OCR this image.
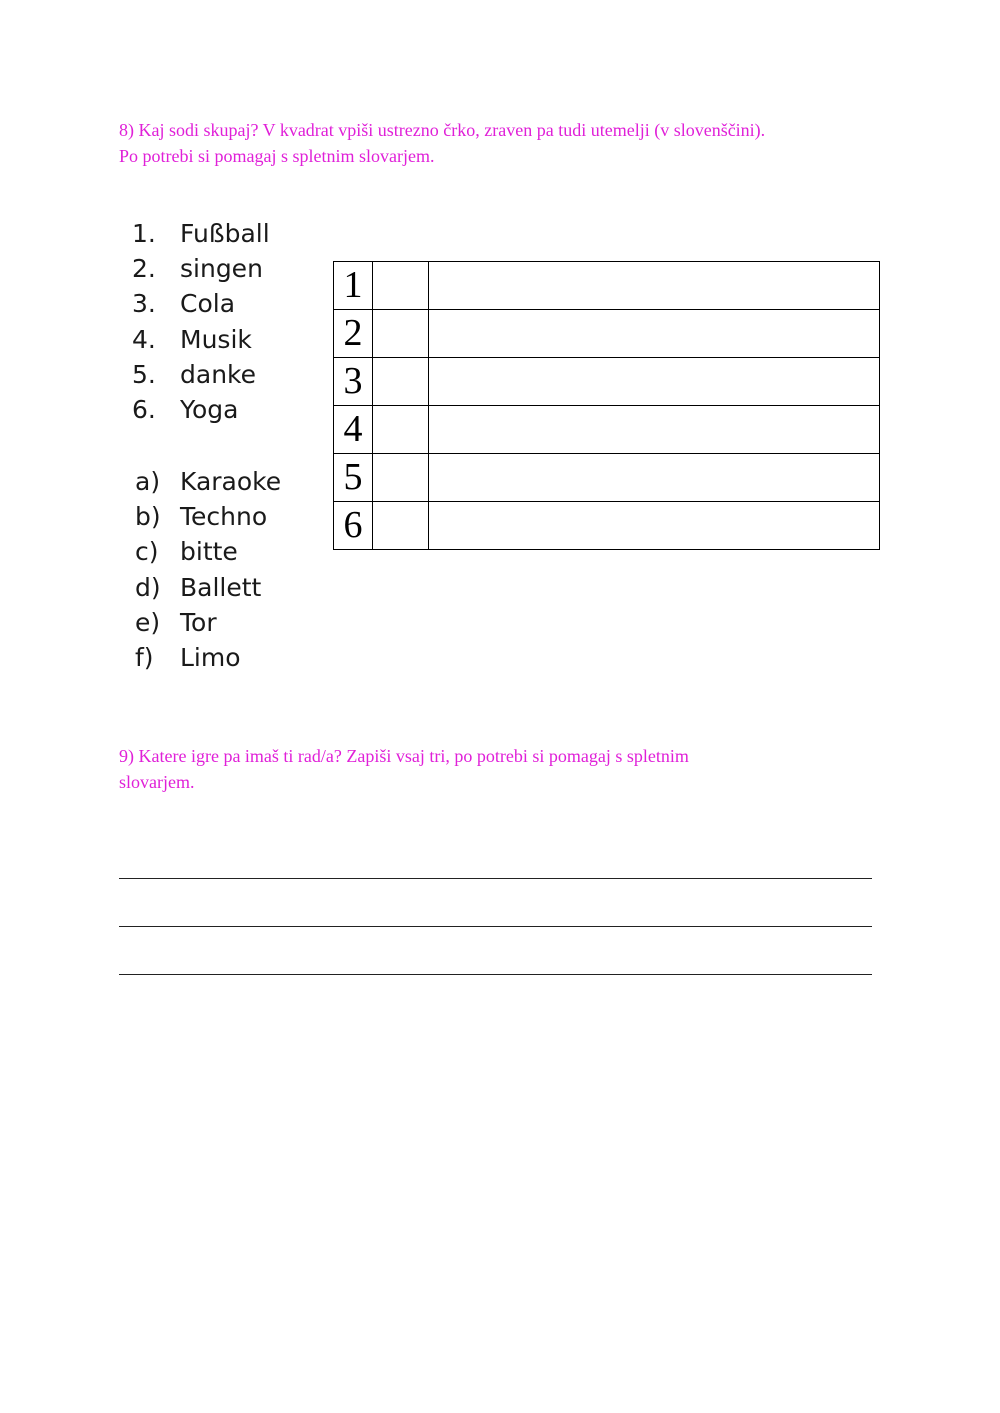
8) Kaj sodi skupaj? V kvadrat vpiši ustrezno črko, zraven pa tudi utemelji (v slovenščini).
Po potrebi si pomagaj s spletnim slovarjem.

1. Fußball
2. singen
3. Cola
4. Musik
5. danke
6. Yoga
a) Karaoke
b) Techno
c) bitte
d) Ballett
e) Tor
f) Limo
1		
2		
3		
4		
5		
6		

9) Katere igre pa imaš ti rad/a? Zapiši vsaj tri, po potrebi si pomagaj s spletnim
slovarjem.
